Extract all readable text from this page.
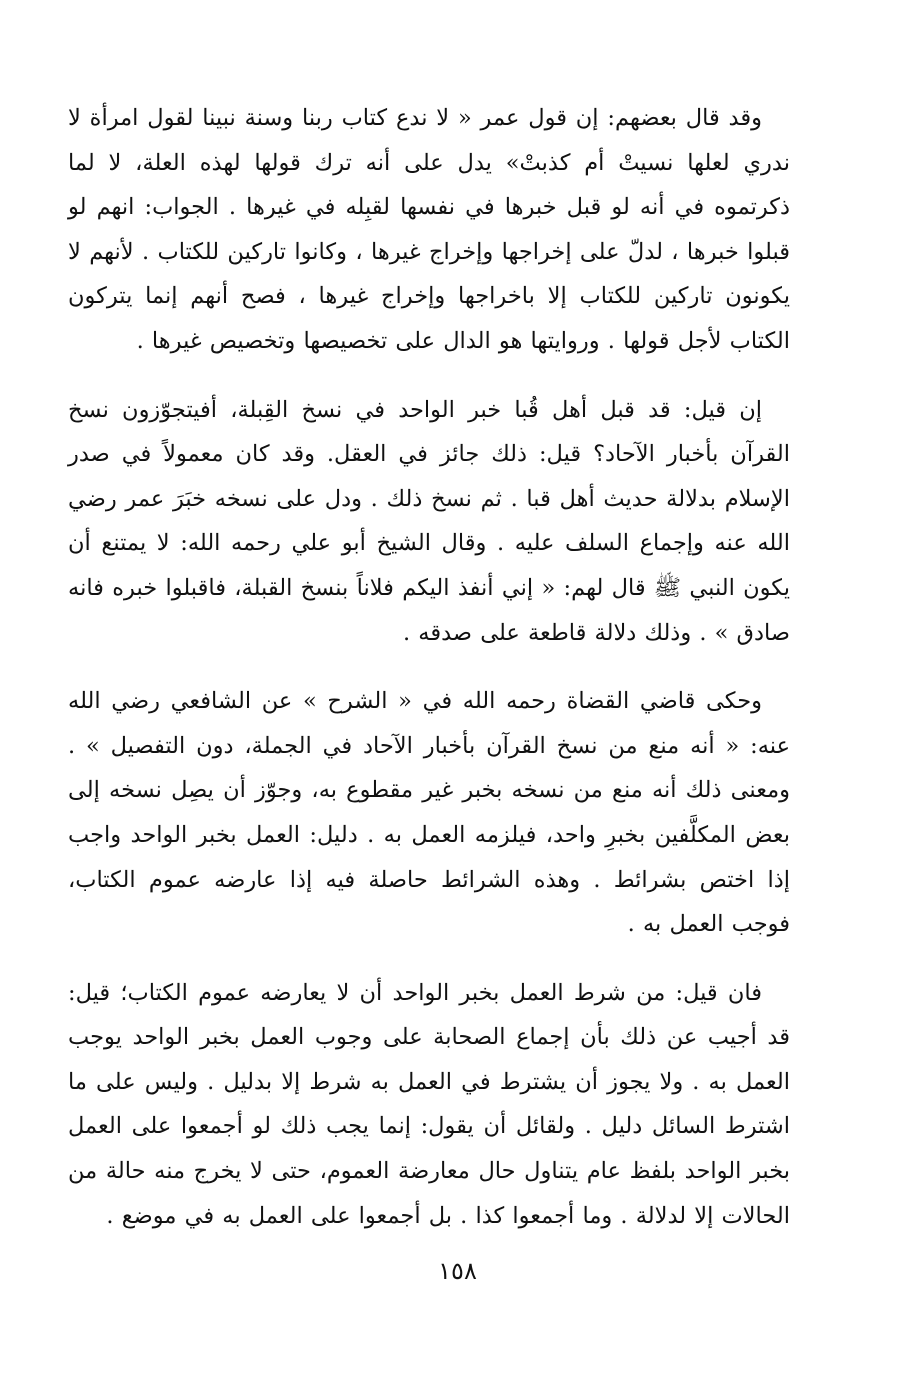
وقد قال بعضهم: إن قول عمر « لا ندع كتاب ربنا وسنة نبينا لقول امرأة لا ندري لعلها نسيتْ أم كذبتْ» يدل على أنه ترك قولها لهذه العلة، لا لما ذكرتموه في أنه لو قبل خبرها في نفسها لقبِله في غيرها . الجواب: انهم لو قبلوا خبرها ، لدلّ على إخراجها وإخراج غيرها ، وكانوا تاركين للكتاب . لأنهم لا يكونون تاركين للكتاب إلا باخراجها وإخراج غيرها ، فصح أنهم إنما يتركون الكتاب لأجل قولها . وروايتها هو الدال على تخصيصها وتخصيص غيرها .

إن قيل: قد قبل أهل قُبا خبر الواحد في نسخ القِبلة، أفيتجوّزون نسخ القرآن بأخبار الآحاد؟ قيل: ذلك جائز في العقل. وقد كان معمولاً في صدر الإسلام بدلالة حديث أهل قبا . ثم نسخ ذلك . ودل على نسخه خبَرَ عمر رضي الله عنه وإجماع السلف عليه . وقال الشيخ أبو علي رحمه الله: لا يمتنع أن يكون النبي ﷺ قال لهم: « إني أنفذ اليكم فلاناً بنسخ القبلة، فاقبلوا خبره فانه صادق » . وذلك دلالة قاطعة على صدقه .

وحكى قاضي القضاة رحمه الله في « الشرح » عن الشافعي رضي الله عنه: « أنه منع من نسخ القرآن بأخبار الآحاد في الجملة، دون التفصيل » . ومعنى ذلك أنه منع من نسخه بخبر غير مقطوع به، وجوّز أن يصِل نسخه إلى بعض المكلَّفين بخبرِ واحد، فيلزمه العمل به . دليل: العمل بخبر الواحد واجب إذا اختص بشرائط . وهذه الشرائط حاصلة فيه إذا عارضه عموم الكتاب، فوجب العمل به .

فان قيل: من شرط العمل بخبر الواحد أن لا يعارضه عموم الكتاب؛ قيل: قد أجيب عن ذلك بأن إجماع الصحابة على وجوب العمل بخبر الواحد يوجب العمل به . ولا يجوز أن يشترط في العمل به شرط إلا بدليل . وليس على ما اشترط السائل دليل . ولقائل أن يقول: إنما يجب ذلك لو أجمعوا على العمل بخبر الواحد بلفظ عام يتناول حال معارضة العموم، حتى لا يخرج منه حالة من الحالات إلا لدلالة . وما أجمعوا كذا . بل أجمعوا على العمل به في موضع .

١٥٨
